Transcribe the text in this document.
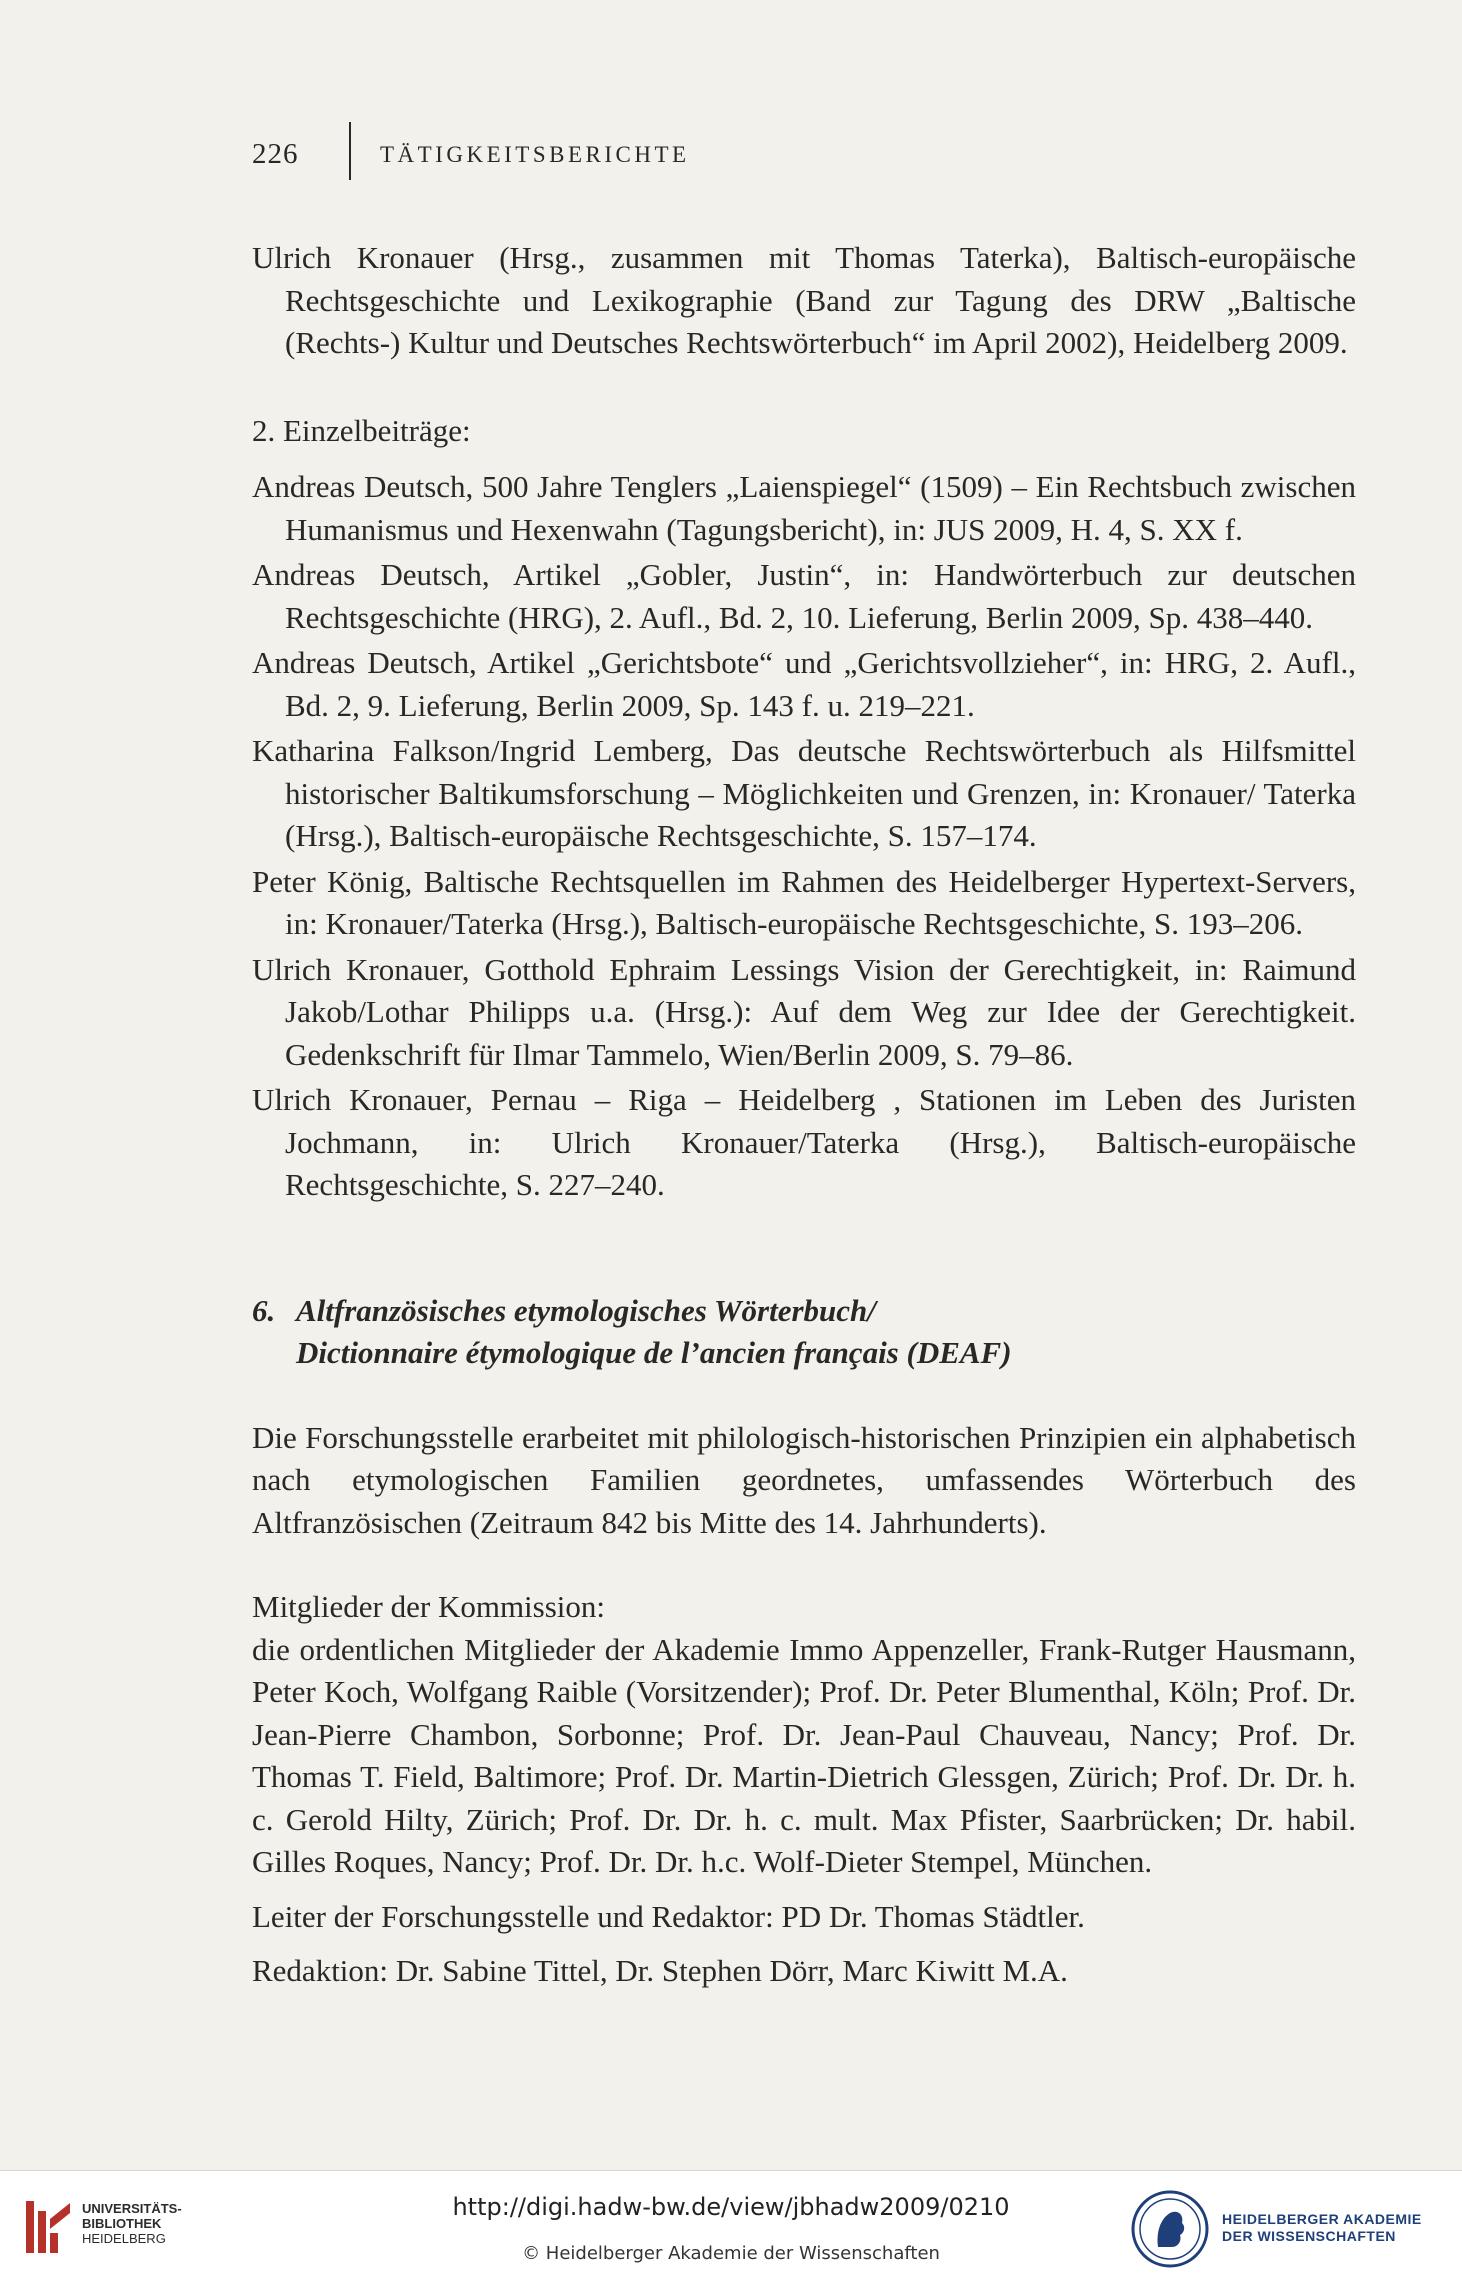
226	TÄTIGKEITSBERICHTE

Ulrich Kronauer (Hrsg., zusammen mit Thomas Taterka), Baltisch-europäische Rechtsgeschichte und Lexikographie (Band zur Tagung des DRW „Baltische (Rechts-) Kultur und Deutsches Rechtswörterbuch“ im April 2002), Heidelberg 2009.

2. Einzelbeiträge:

Andreas Deutsch, 500 Jahre Tenglers „Laienspiegel“ (1509) – Ein Rechtsbuch zwischen Humanismus und Hexenwahn (Tagungsbericht), in: JUS 2009, H. 4, S. XX f.

Andreas Deutsch, Artikel „Gobler, Justin“, in: Handwörterbuch zur deutschen Rechtsgeschichte (HRG), 2. Aufl., Bd. 2, 10. Lieferung, Berlin 2009, Sp. 438–440.

Andreas Deutsch, Artikel „Gerichtsbote“ und „Gerichtsvollzieher“, in: HRG, 2. Aufl., Bd. 2, 9. Lieferung, Berlin 2009, Sp. 143 f. u. 219–221.

Katharina Falkson/Ingrid Lemberg, Das deutsche Rechtswörterbuch als Hilfsmittel historischer Baltikumsforschung – Möglichkeiten und Grenzen, in: Kronauer/ Taterka (Hrsg.), Baltisch-europäische Rechtsgeschichte, S. 157–174.

Peter König, Baltische Rechtsquellen im Rahmen des Heidelberger Hypertext-Servers, in: Kronauer/Taterka (Hrsg.), Baltisch-europäische Rechtsgeschichte, S. 193–206.

Ulrich Kronauer, Gotthold Ephraim Lessings Vision der Gerechtigkeit, in: Raimund Jakob/Lothar Philipps u.a. (Hrsg.): Auf dem Weg zur Idee der Gerechtigkeit. Gedenkschrift für Ilmar Tammelo, Wien/Berlin 2009, S. 79–86.

Ulrich Kronauer, Pernau – Riga – Heidelberg , Stationen im Leben des Juristen Jochmann, in: Ulrich Kronauer/Taterka (Hrsg.), Baltisch-europäische Rechtsgeschichte, S. 227–240.

6. Altfranzösisches etymologisches Wörterbuch/
Dictionnaire étymologique de l’ancien français (DEAF)

Die Forschungsstelle erarbeitet mit philologisch-historischen Prinzipien ein alphabetisch nach etymologischen Familien geordnetes, umfassendes Wörterbuch des Altfranzösischen (Zeitraum 842 bis Mitte des 14. Jahrhunderts).

Mitglieder der Kommission:

die ordentlichen Mitglieder der Akademie Immo Appenzeller, Frank-Rutger Hausmann, Peter Koch, Wolfgang Raible (Vorsitzender); Prof. Dr. Peter Blumenthal, Köln; Prof. Dr. Jean-Pierre Chambon, Sorbonne; Prof. Dr. Jean-Paul Chauveau, Nancy; Prof. Dr. Thomas T. Field, Baltimore; Prof. Dr. Martin-Dietrich Glessgen, Zürich; Prof. Dr. Dr. h. c. Gerold Hilty, Zürich; Prof. Dr. Dr. h. c. mult. Max Pfister, Saarbrücken; Dr. habil. Gilles Roques, Nancy; Prof. Dr. Dr. h.c. Wolf-Dieter Stempel, München.

Leiter der Forschungsstelle und Redaktor: PD Dr. Thomas Städtler.

Redaktion: Dr. Sabine Tittel, Dr. Stephen Dörr, Marc Kiwitt M.A.

UNIVERSITÄTS-
BIBLIOTHEK
HEIDELBERG
http://digi.hadw-bw.de/view/jbhadw2009/0210
© Heidelberger Akademie der Wissenschaften
HEIDELBERGER AKADEMIE
DER WISSENSCHAFTEN
